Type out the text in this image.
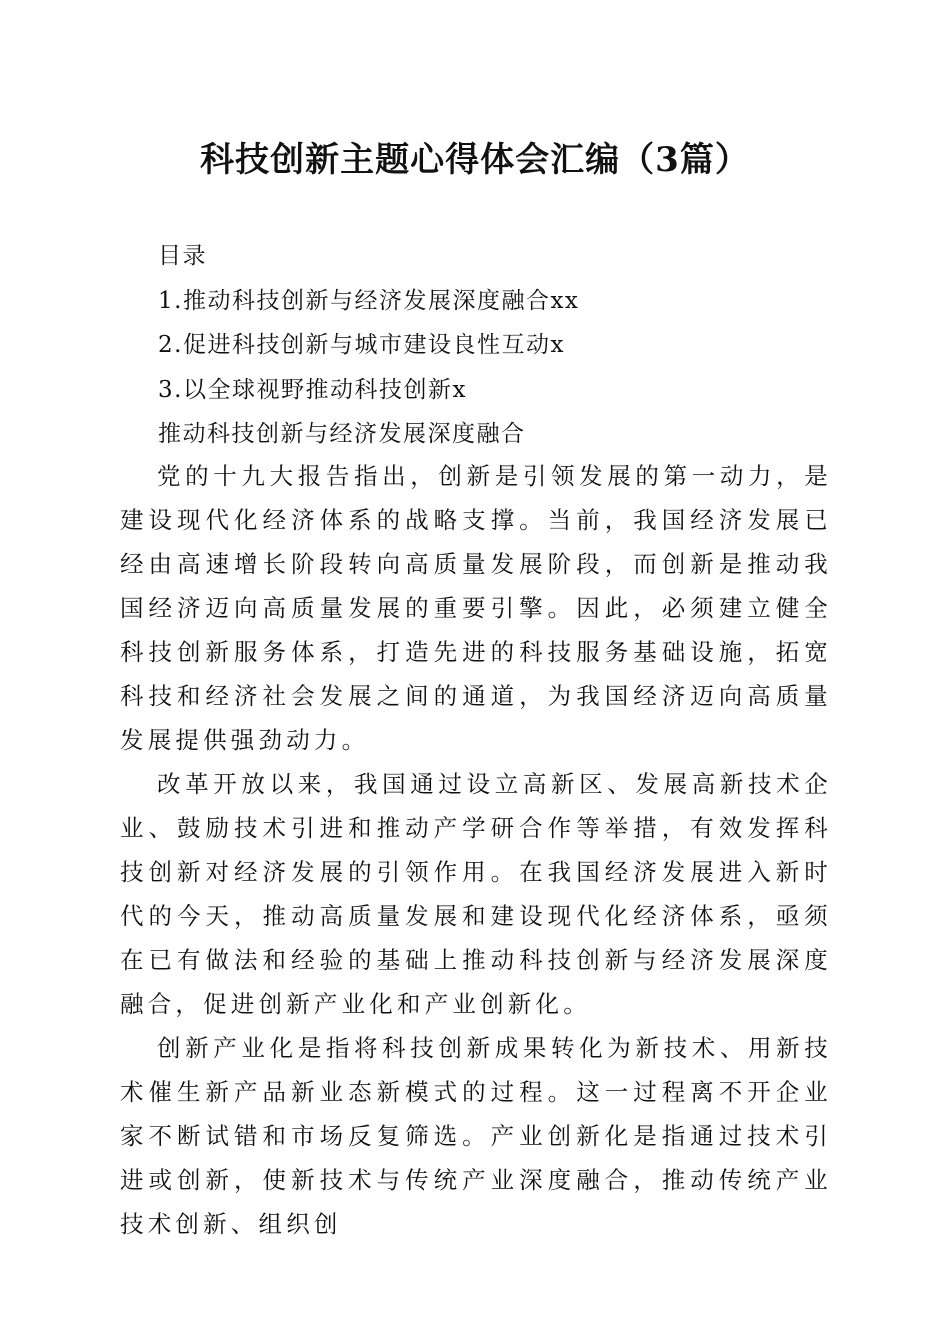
科技创新主题心得体会汇编（3篇）
目录
1.推动科技创新与经济发展深度融合xx
2.促进科技创新与城市建设良性互动x
3.以全球视野推动科技创新x
推动科技创新与经济发展深度融合

党的十九大报告指出，创新是引领发展的第一动力，是建设现代化经济体系的战略支撑。当前，我国经济发展已经由高速增长阶段转向高质量发展阶段，而创新是推动我国经济迈向高质量发展的重要引擎。因此，必须建立健全科技创新服务体系，打造先进的科技服务基础设施，拓宽科技和经济社会发展之间的通道，为我国经济迈向高质量发展提供强劲动力。

改革开放以来，我国通过设立高新区、发展高新技术企业、鼓励技术引进和推动产学研合作等举措，有效发挥科技创新对经济发展的引领作用。在我国经济发展进入新时代的今天，推动高质量发展和建设现代化经济体系，亟须在已有做法和经验的基础上推动科技创新与经济发展深度融合，促进创新产业化和产业创新化。

创新产业化是指将科技创新成果转化为新技术、用新技术催生新产品新业态新模式的过程。这一过程离不开企业家不断试错和市场反复筛选。产业创新化是指通过技术引进或创新，使新技术与传统产业深度融合，推动传统产业技术创新、组织创
